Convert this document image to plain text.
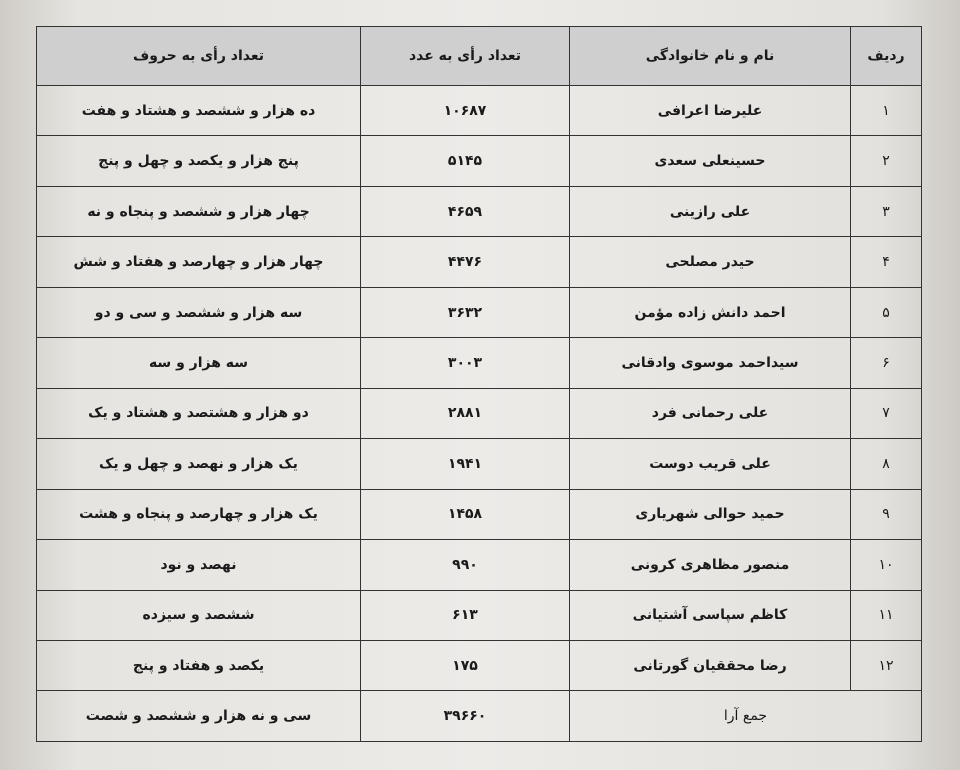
ردیف	نام و نام خانوادگی	تعداد رأی به عدد	تعداد رأی به حروف
۱	علیرضا اعرافی	۱۰۶۸۷	ده هزار و ششصد و هشتاد و هفت
۲	حسینعلی سعدی	۵۱۴۵	پنج هزار و یکصد و چهل و پنج
۳	علی رازینی	۴۶۵۹	چهار هزار و ششصد و پنجاه و نه
۴	حیدر مصلحی	۴۴۷۶	چهار هزار و چهارصد و هفتاد و شش
۵	احمد دانش زاده مؤمن	۳۶۳۲	سه هزار و ششصد و سی و دو
۶	سیداحمد موسوی وادقانی	۳۰۰۳	سه هزار و سه
۷	علی رحمانی فرد	۲۸۸۱	دو هزار و هشتصد و هشتاد و یک
۸	علی قریب دوست	۱۹۴۱	یک هزار و نهصد و چهل و یک
۹	حمید حوالی شهریاری	۱۴۵۸	یک هزار و چهارصد و پنجاه و هشت
۱۰	منصور مظاهری کرونی	۹۹۰	نهصد و نود
۱۱	کاظم سپاسی آشتیانی	۶۱۳	ششصد و سیزده
۱۲	رضا محققیان گورتانی	۱۷۵	یکصد و هفتاد و پنج
جمع آرا		۳۹۶۶۰	سی و نه هزار و ششصد و شصت
